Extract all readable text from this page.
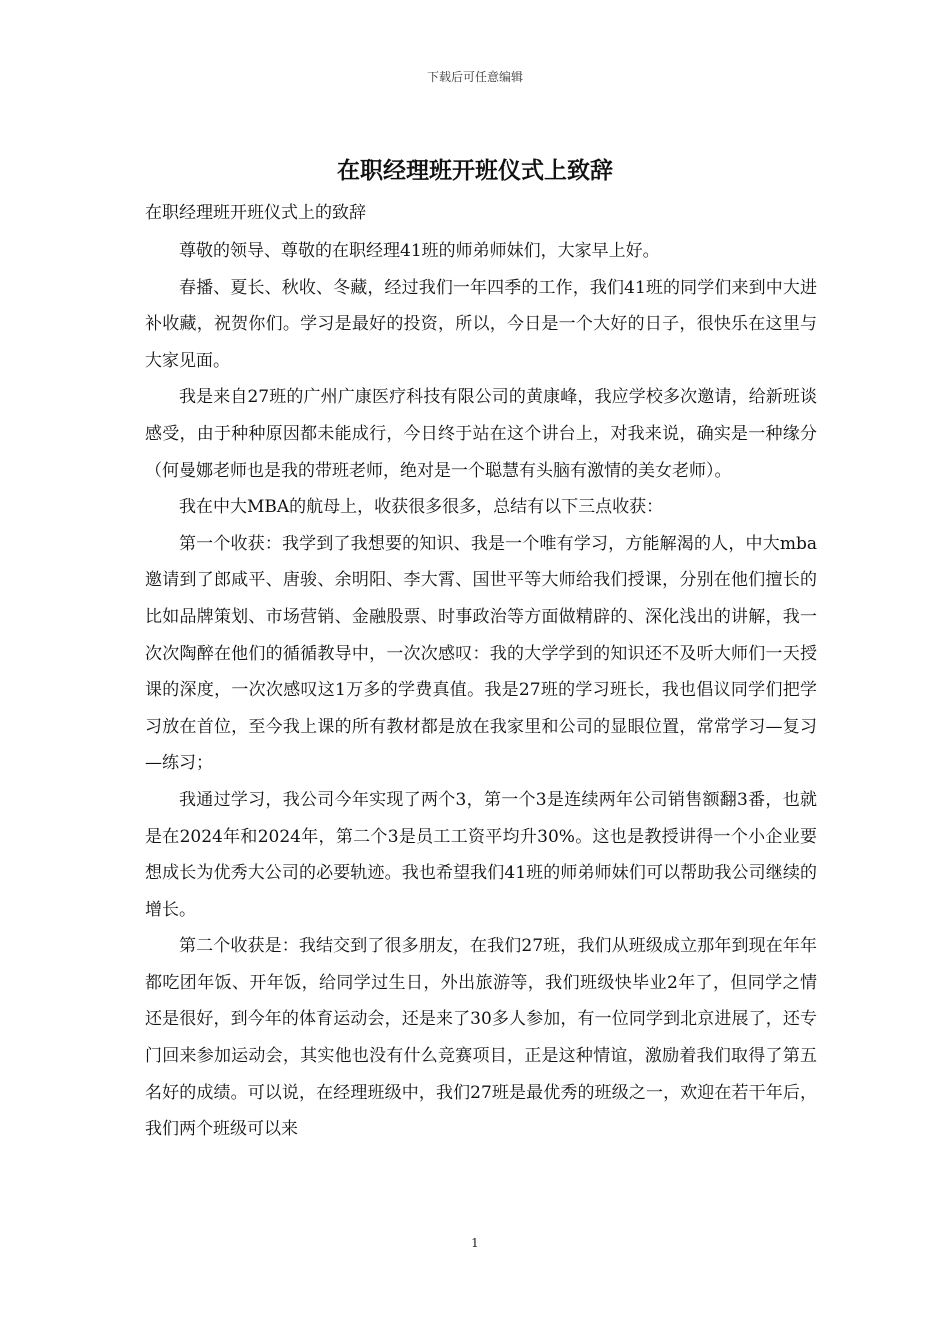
下载后可任意编辑
在职经理班开班仪式上致辞

在职经理班开班仪式上的致辞

尊敬的领导、尊敬的在职经理41班的师弟师妹们，大家早上好。

春播、夏长、秋收、冬藏，经过我们一年四季的工作，我们41班的同学们来到中大进补收藏，祝贺你们。学习是最好的投资，所以，今日是一个大好的日子，很快乐在这里与大家见面。

我是来自27班的广州广康医疗科技有限公司的黄康峰，我应学校多次邀请，给新班谈感受，由于种种原因都未能成行，今日终于站在这个讲台上，对我来说，确实是一种缘分（何曼娜老师也是我的带班老师，绝对是一个聪慧有头脑有激情的美女老师）。

我在中大MBA的航母上，收获很多很多，总结有以下三点收获：

第一个收获：我学到了我想要的知识、我是一个唯有学习，方能解渴的人，中大mba邀请到了郎咸平、唐骏、余明阳、李大霄、国世平等大师给我们授课，分别在他们擅长的比如品牌策划、市场营销、金融股票、时事政治等方面做精辟的、深化浅出的讲解，我一次次陶醉在他们的循循教导中，一次次感叹：我的大学学到的知识还不及听大师们一天授课的深度，一次次感叹这1万多的学费真值。我是27班的学习班长，我也倡议同学们把学习放在首位，至今我上课的所有教材都是放在我家里和公司的显眼位置，常常学习—复习—练习；

我通过学习，我公司今年实现了两个3，第一个3是连续两年公司销售额翻3番，也就是在2024年和2024年，第二个3是员工工资平均升30%。这也是教授讲得一个小企业要想成长为优秀大公司的必要轨迹。我也希望我们41班的师弟师妹们可以帮助我公司继续的增长。

第二个收获是：我结交到了很多朋友，在我们27班，我们从班级成立那年到现在年年都吃团年饭、开年饭，给同学过生日，外出旅游等，我们班级快毕业2年了，但同学之情还是很好，到今年的体育运动会，还是来了30多人参加，有一位同学到北京进展了，还专门回来参加运动会，其实他也没有什么竞赛项目，正是这种情谊，激励着我们取得了第五名好的成绩。可以说，在经理班级中，我们27班是最优秀的班级之一，欢迎在若干年后，我们两个班级可以来

1
